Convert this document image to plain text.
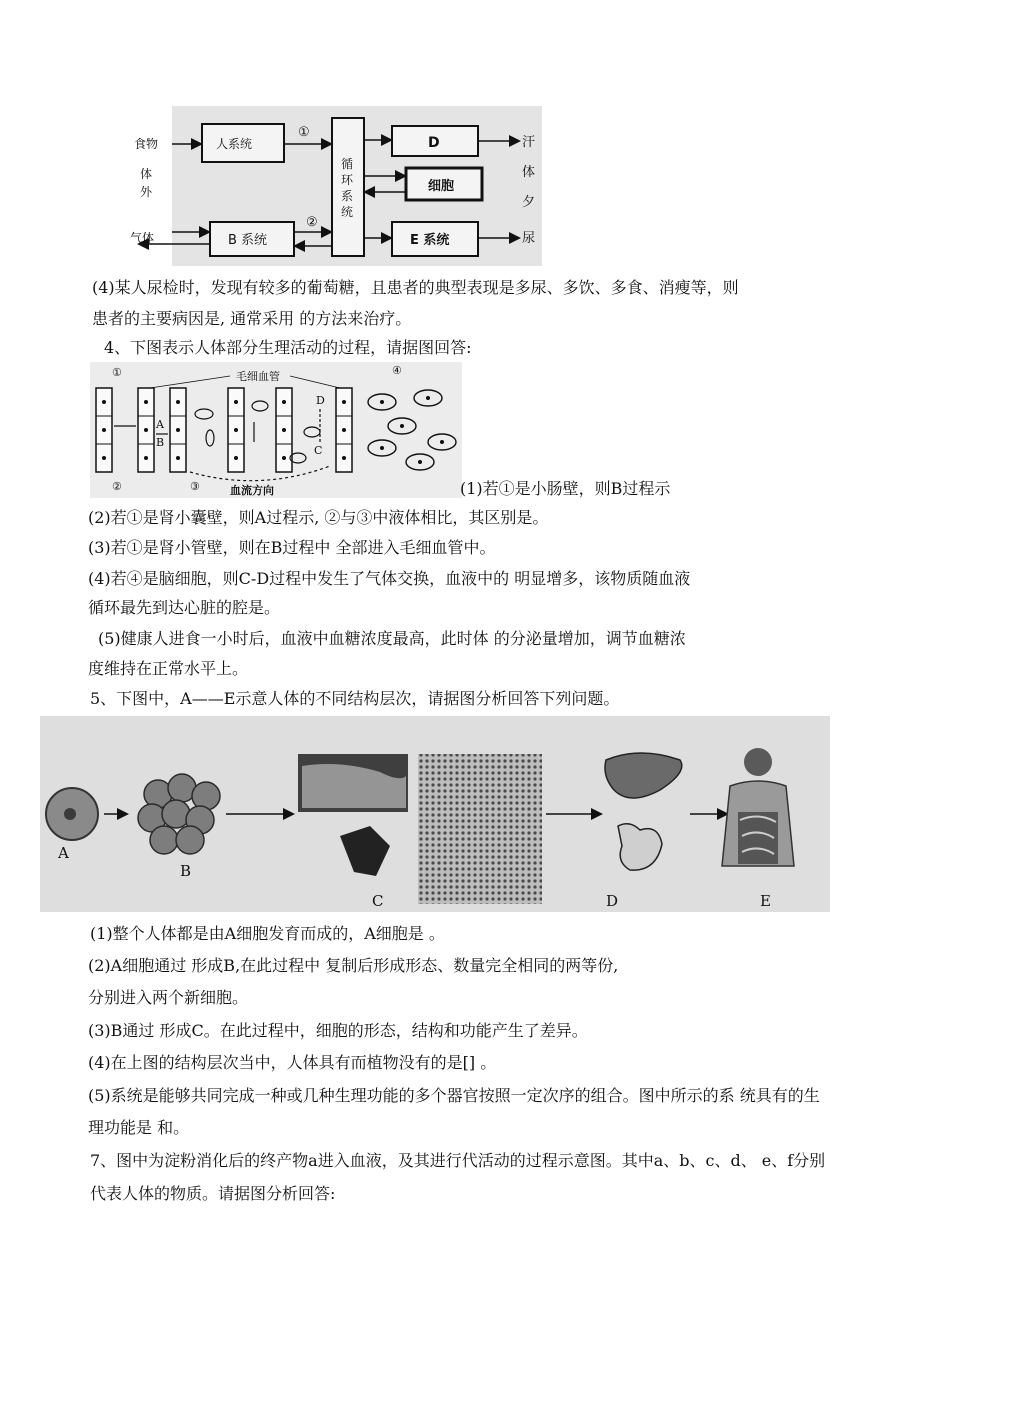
食物
体
外
气体
人系统
B 系统
循
环
系
统
D
细胞
E 系统
①
②
汗
体
夕
尿
(4)某人尿检时，发现有较多的葡萄糖，且患者的典型表现是多尿、多饮、多食、消瘦等，则
患者的主要病因是, 通常采用 的方法来治疗。
4、下图表示人体部分生理活动的过程，请据图回答:
A
B
D
C
毛细血管
①
②	③
④
血流方向	(1)若①是小肠壁，则B过程示
(2)若①是肾小囊壁，则A过程示, ②与③中液体相比，其区别是。
(3)若①是肾小管壁，则在B过程中 全部进入毛细血管中。
(4)若④是脑细胞，则C-D过程中发生了气体交换，血液中的 明显增多，该物质随血液
循环最先到达心脏的腔是。
(5)健康人进食一小时后，血液中血糖浓度最高，此时体 的分泌量增加，调节血糖浓
度维持在正常水平上。
5、下图中，A——E示意人体的不同结构层次，请据图分析回答下列问题。
A
B
C	D	E
(1)整个人体都是由A细胞发育而成的，A细胞是 。
(2)A细胞通过 形成B,在此过程中 复制后形成形态、数量完全相同的两等份,
分别进入两个新细胞。
(3)B通过 形成C。在此过程中，细胞的形态，结构和功能产生了差异。
(4)在上图的结构层次当中，人体具有而植物没有的是[] 。
(5)系统是能够共同完成一种或几种生理功能的多个器官按照一定次序的组合。图中所示的系 统具有的生
理功能是 和。
7、图中为淀粉消化后的终产物a进入血液，及其进行代活动的过程示意图。其中a、b、c、d、 e、f分别
代表人体的物质。请据图分析回答:
